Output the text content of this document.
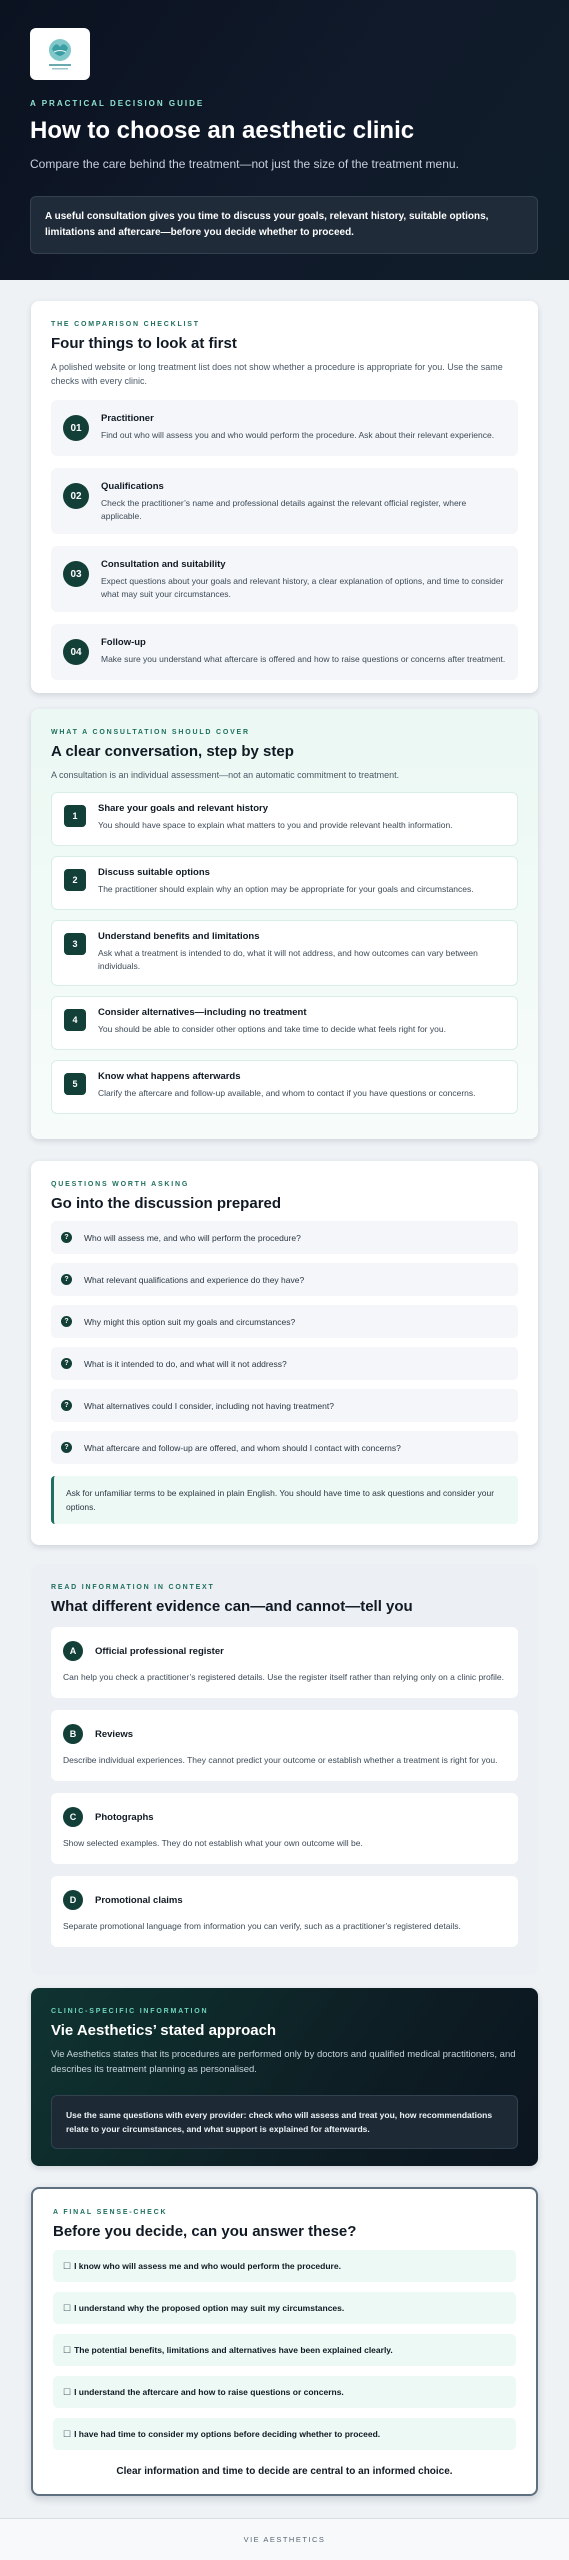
A PRACTICAL DECISION GUIDE
How to choose an aesthetic clinic

Compare the care behind the treatment—not just the size of the treatment menu.

A useful consultation gives you time to discuss your goals, relevant history, suitable options, limitations and aftercare—before you decide whether to proceed.
THE COMPARISON CHECKLIST
Four things to look at first

A polished website or long treatment list does not show whether a procedure is appropriate for you. Use the same checks with every clinic.

01
Practitioner
Find out who will assess you and who would perform the procedure. Ask about their relevant experience.
02
Qualifications
Check the practitioner’s name and professional details against the relevant official register, where applicable.
03
Consultation and suitability
Expect questions about your goals and relevant history, a clear explanation of options, and time to consider what may suit your circumstances.
04
Follow-up
Make sure you understand what aftercare is offered and how to raise questions or concerns after treatment.
WHAT A CONSULTATION SHOULD COVER
A clear conversation, step by step

A consultation is an individual assessment—not an automatic commitment to treatment.

1
Share your goals and relevant history
You should have space to explain what matters to you and provide relevant health information.
2
Discuss suitable options
The practitioner should explain why an option may be appropriate for your goals and circumstances.
3
Understand benefits and limitations
Ask what a treatment is intended to do, what it will not address, and how outcomes can vary between individuals.
4
Consider alternatives—including no treatment
You should be able to consider other options and take time to decide what feels right for you.
5
Know what happens afterwards
Clarify the aftercare and follow-up available, and whom to contact if you have questions or concerns.
QUESTIONS WORTH ASKING
Go into the discussion prepared
?	Who will assess me, and who will perform the procedure?
?	What relevant qualifications and experience do they have?
?	Why might this option suit my goals and circumstances?
?	What is it intended to do, and what will it not address?
?	What alternatives could I consider, including not having treatment?
?	What aftercare and follow-up are offered, and whom should I contact with concerns?
Ask for unfamiliar terms to be explained in plain English. You should have time to ask questions and consider your options.
READ INFORMATION IN CONTEXT
What different evidence can—and cannot—tell you
A	Official professional register
Can help you check a practitioner’s registered details. Use the register itself rather than relying only on a clinic profile.
B	Reviews
Describe individual experiences. They cannot predict your outcome or establish whether a treatment is right for you.
C	Photographs
Show selected examples. They do not establish what your own outcome will be.
D	Promotional claims
Separate promotional language from information you can verify, such as a practitioner’s registered details.
CLINIC-SPECIFIC INFORMATION
Vie Aesthetics’ stated approach

Vie Aesthetics states that its procedures are performed only by doctors and qualified medical practitioners, and describes its treatment planning as personalised.

Use the same questions with every provider: check who will assess and treat you, how recommendations relate to your circumstances, and what support is explained for afterwards.
A FINAL SENSE-CHECK
Before you decide, can you answer these?
☐ I know who will assess me and who would perform the procedure.
☐ I understand why the proposed option may suit my circumstances.
☐ The potential benefits, limitations and alternatives have been explained clearly.
☐ I understand the aftercare and how to raise questions or concerns.
☐ I have had time to consider my options before deciding whether to proceed.
Clear information and time to decide are central to an informed choice.
VIE AESTHETICS
